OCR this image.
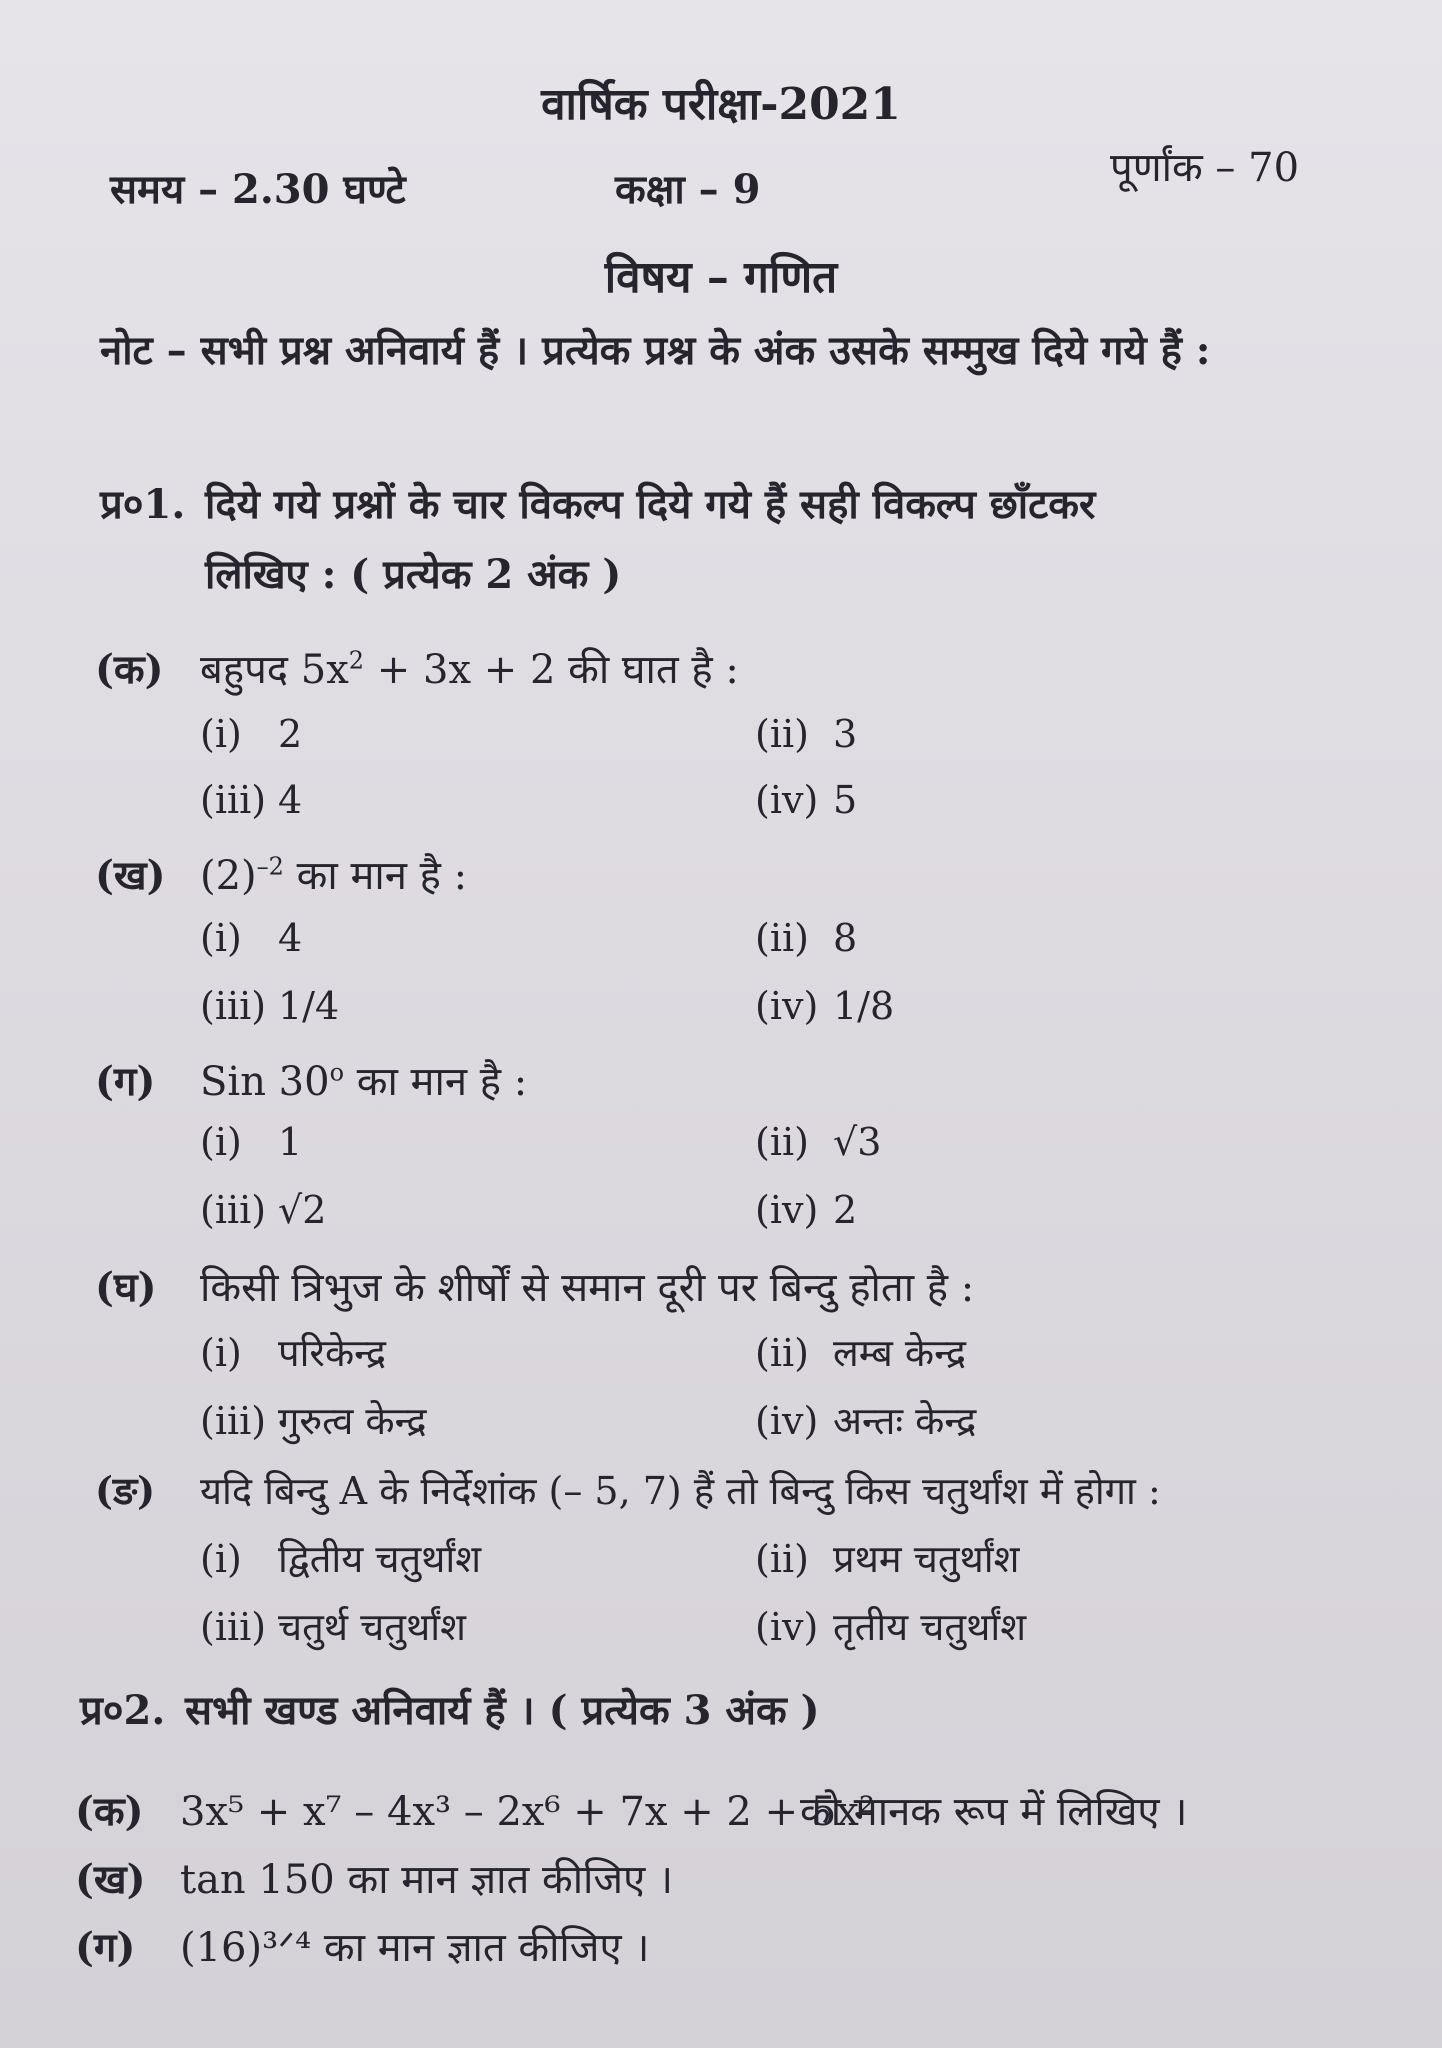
वार्षिक परीक्षा-2021
समय – 2.30 घण्टे	कक्षा – 9	पूर्णांक – 70
विषय – गणित
नोट – सभी प्रश्न अनिवार्य हैं । प्रत्येक प्रश्न के अंक उसके सम्मुख दिये गये हैं :
प्र०1. दिये गये प्रश्नों के चार विकल्प दिये गये हैं सही विकल्प छाँटकर
लिखिए : ( प्रत्येक 2 अंक )
(क) बहुपद $5x^2 + 3x + 2$ की घात है :
(i) 2	(ii) 3
(iii) 4	(iv) 5
(ख) $(2)^{-2}$ का मान है :
(i) 4	(ii) 8
(iii) 1/4	(iv) 1/8
(ग) Sin 30$^o$ का मान है :
(i) 1	(ii) √3
(iii) √2	(iv) 2
(घ) किसी त्रिभुज के शीर्षों से समान दूरी पर बिन्दु होता है :
(i) परिकेन्द्र	(ii) लम्ब केन्द्र
(iii) गुरुत्व केन्द्र	(iv) अन्तः केन्द्र
(ङ) यदि बिन्दु A के निर्देशांक (– 5, 7) हैं तो बिन्दु किस चतुर्थांश में होगा :
(i) द्वितीय चतुर्थांश	(ii) प्रथम चतुर्थांश
(iii) चतुर्थ चतुर्थांश	(iv) तृतीय चतुर्थांश
प्र०2. सभी खण्ड अनिवार्य हैं । ( प्रत्येक 3 अंक )
(क) 3x⁵ + x⁷ – 4x³ – 2x⁶ + 7x + 2 + 5x²को मानक रूप में लिखिए ।
(ख) tan 150 का मान ज्ञात कीजिए ।
(ग) (16)³ᐟ⁴ का मान ज्ञात कीजिए ।
